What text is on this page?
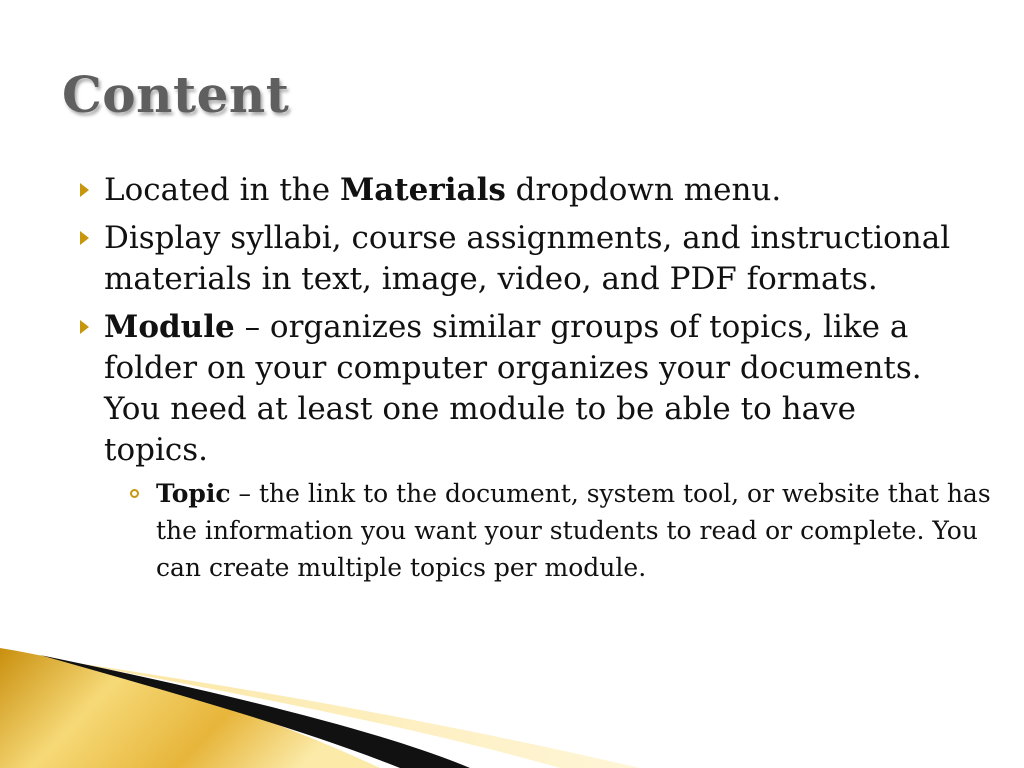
Content
Located in the Materials dropdown menu.
Display syllabi, course assignments, and instructional materials in text, image, video, and PDF formats.
Module – organizes similar groups of topics, like a folder on your computer organizes your documents. You need at least one module to be able to have topics.
Topic – the link to the document, system tool, or website that has the information you want your students to read or complete. You can create multiple topics per module.
